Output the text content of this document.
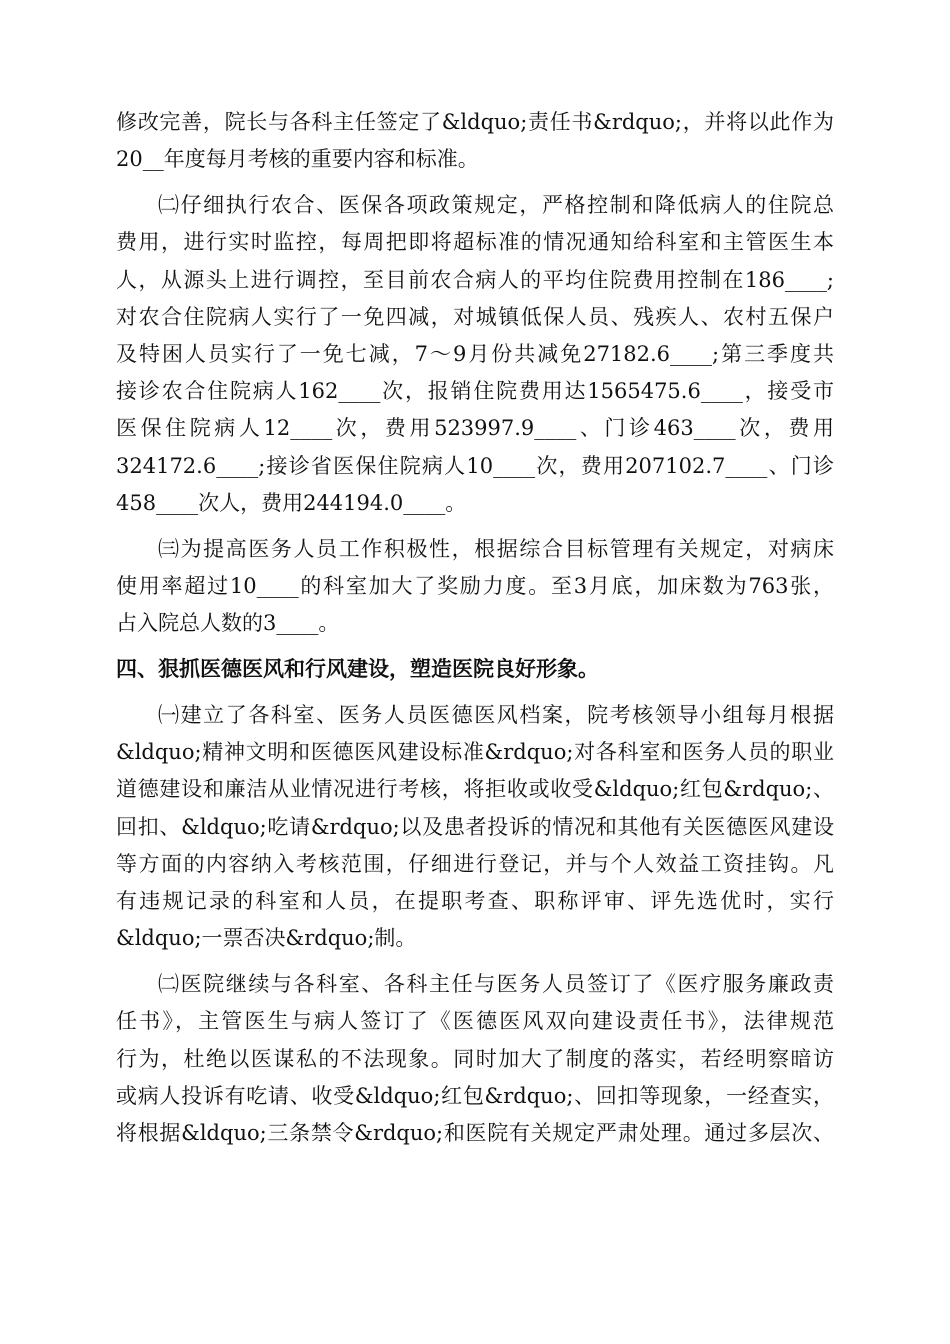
修改完善，院长与各科主任签定了&ldquo;责任书&rdquo;，并将以此作为
20__年度每月考核的重要内容和标准。
㈡仔细执行农合、医保各项政策规定，严格控制和降低病人的住院总
费用，进行实时监控，每周把即将超标准的情况通知给科室和主管医生本
人，从源头上进行调控，至目前农合病人的平均住院费用控制在186____;
对农合住院病人实行了一免四减，对城镇低保人员、残疾人、农村五保户
及特困人员实行了一免七减，7～9月份共减免27182.6____;第三季度共
接诊农合住院病人162____次，报销住院费用达1565475.6____，接受市
医保住院病人12____次，费用523997.9____、门诊463____次，费用
324172.6____;接诊省医保住院病人10____次，费用207102.7____、门诊
458____次人，费用244194.0____。
㈢为提高医务人员工作积极性，根据综合目标管理有关规定，对病床
使用率超过10____的科室加大了奖励力度。至3月底，加床数为763张，
占入院总人数的3____。
四、狠抓医德医风和行风建设，塑造医院良好形象。
㈠建立了各科室、医务人员医德医风档案，院考核领导小组每月根据
&ldquo;精神文明和医德医风建设标准&rdquo;对各科室和医务人员的职业
道德建设和廉洁从业情况进行考核，将拒收或收受&ldquo;红包&rdquo;、
回扣、&ldquo;吃请&rdquo;以及患者投诉的情况和其他有关医德医风建设
等方面的内容纳入考核范围，仔细进行登记，并与个人效益工资挂钩。凡
有违规记录的科室和人员，在提职考查、职称评审、评先选优时，实行
&ldquo;一票否决&rdquo;制。
㈡医院继续与各科室、各科主任与医务人员签订了《医疗服务廉政责
任书》，主管医生与病人签订了《医德医风双向建设责任书》，法律规范
行为，杜绝以医谋私的不法现象。同时加大了制度的落实，若经明察暗访
或病人投诉有吃请、收受&ldquo;红包&rdquo;、回扣等现象，一经查实，
将根据&ldquo;三条禁令&rdquo;和医院有关规定严肃处理。通过多层次、
